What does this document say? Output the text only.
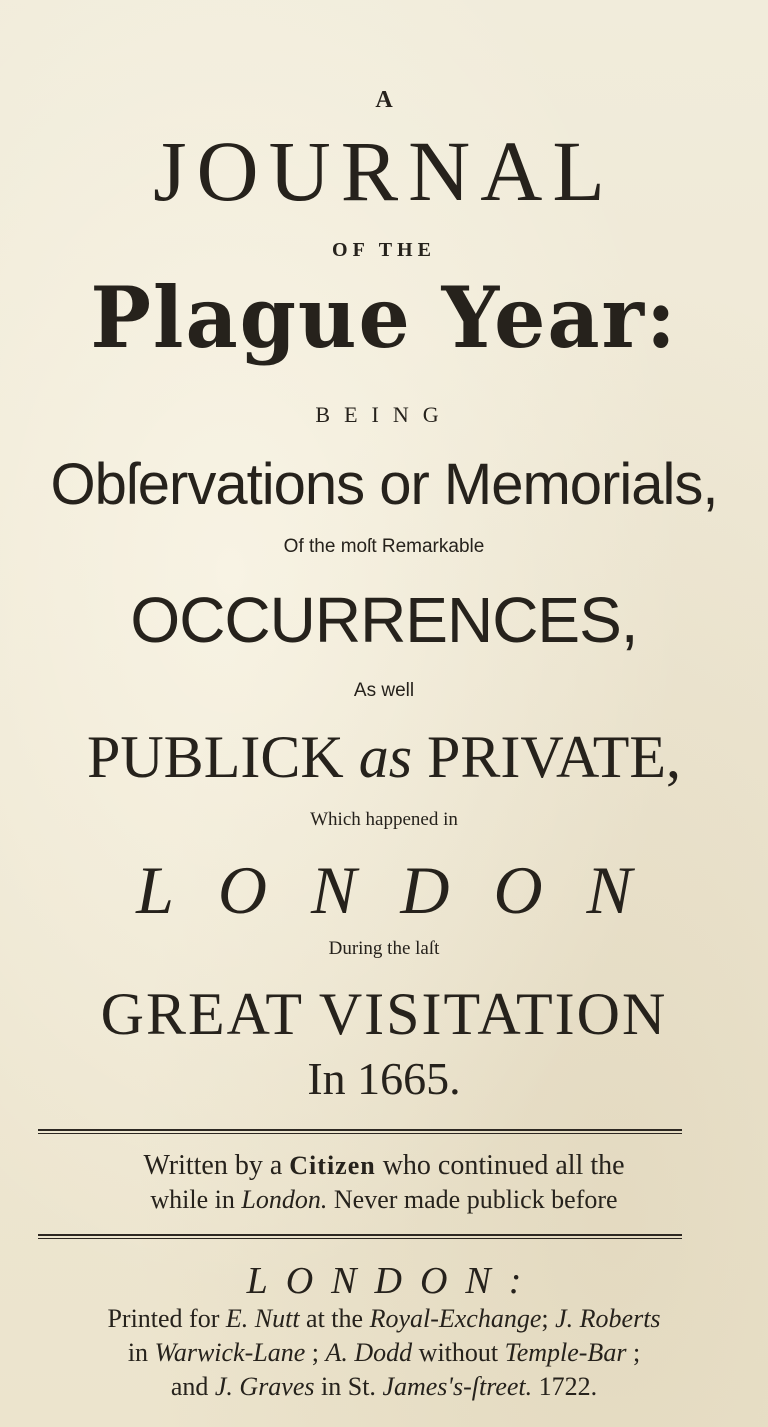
A
JOURNAL
OF THE
Plague Year:
BEING
Obſervations or Memorials,
Of the moſt Remarkable
OCCURRENCES,
As well
PUBLICK as PRIVATE,
Which happened in
LONDON
During the laſt
GREAT VISITATION
In 1665.
Written by a Citizen who continued all the
while in London. Never made publick before
LONDON:
Printed for E. Nutt at the Royal-Exchange; J. Roberts
in Warwick-Lane ; A. Dodd without Temple-Bar ;
and J. Graves in St. James's-ſtreet. 1722.
